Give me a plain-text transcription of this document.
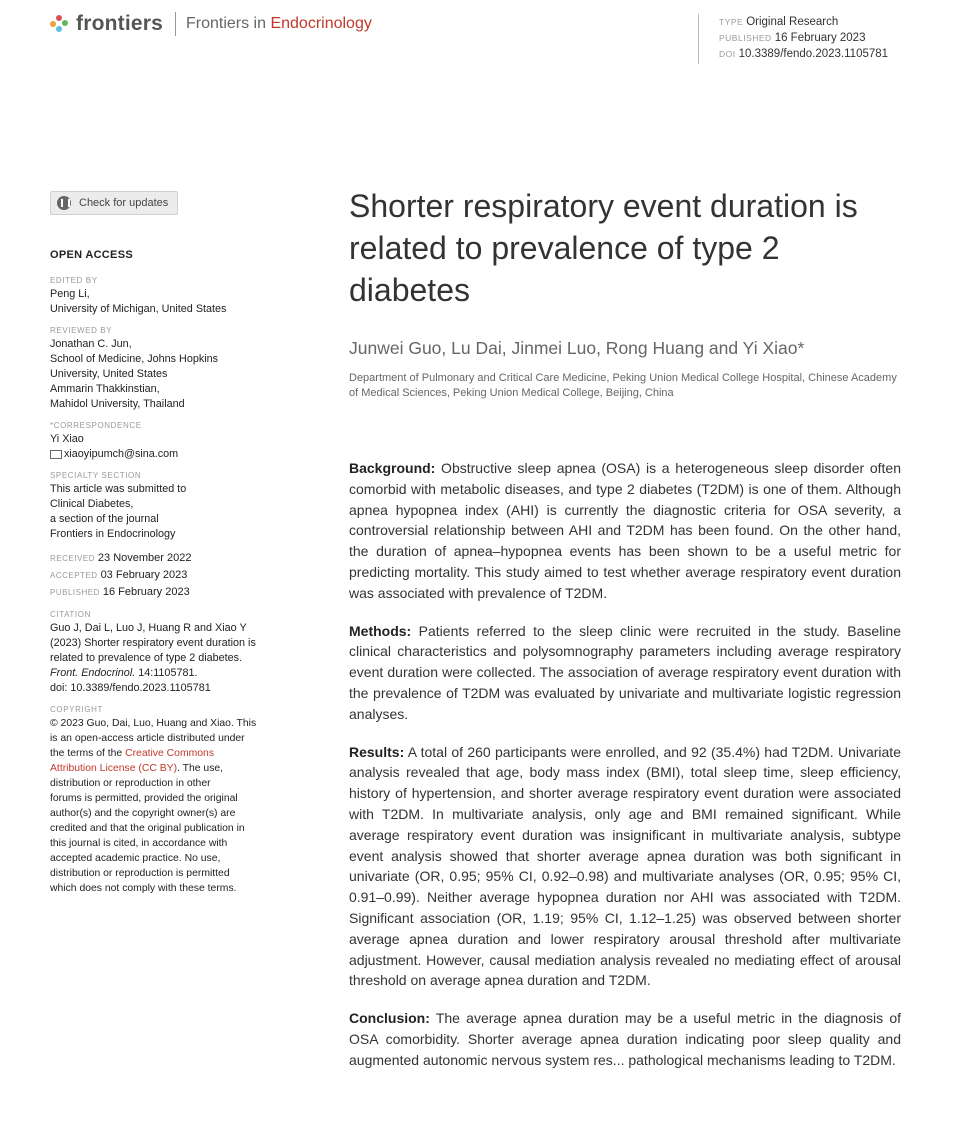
frontiers Frontiers in Endocrinology	TYPE Original Research
PUBLISHED 16 February 2023
DOI 10.3389/fendo.2023.1105781
Check for updates
OPEN ACCESS
EDITED BY

Peng Li,

University of Michigan, United States

REVIEWED BY

Jonathan C. Jun,

School of Medicine, Johns Hopkins

University, United States

Ammarin Thakkinstian,

Mahidol University, Thailand

*CORRESPONDENCE

Yi Xiao

xiaoyipumch@sina.com

SPECIALTY SECTION

This article was submitted to

Clinical Diabetes,

a section of the journal

Frontiers in Endocrinology

RECEIVED 23 November 2022
ACCEPTED 03 February 2023
PUBLISHED 16 February 2023
CITATION

Guo J, Dai L, Luo J, Huang R and Xiao Y

(2023) Shorter respiratory event duration is

related to prevalence of type 2 diabetes.

Front. Endocrinol. 14:1105781.

doi: 10.3389/fendo.2023.1105781

COPYRIGHT

© 2023 Guo, Dai, Luo, Huang and Xiao. This

is an open-access article distributed under

the terms of the Creative Commons

Attribution License (CC BY). The use,

distribution or reproduction in other

forums is permitted, provided the original

author(s) and the copyright owner(s) are

credited and that the original publication in

this journal is cited, in accordance with

accepted academic practice. No use,

distribution or reproduction is permitted

which does not comply with these terms.

Shorter respiratory event duration is related to prevalence of type 2 diabetes
Junwei Guo, Lu Dai, Jinmei Luo, Rong Huang and Yi Xiao*
Department of Pulmonary and Critical Care Medicine, Peking Union Medical College Hospital, Chinese Academy of Medical Sciences, Peking Union Medical College, Beijing, China

Background: Obstructive sleep apnea (OSA) is a heterogeneous sleep disorder often comorbid with metabolic diseases, and type 2 diabetes (T2DM) is one of them. Although apnea hypopnea index (AHI) is currently the diagnostic criteria for OSA severity, a controversial relationship between AHI and T2DM has been found. On the other hand, the duration of apnea–hypopnea events has been shown to be a useful metric for predicting mortality. This study aimed to test whether average respiratory event duration was associated with prevalence of T2DM.

Methods: Patients referred to the sleep clinic were recruited in the study. Baseline clinical characteristics and polysomnography parameters including average respiratory event duration were collected. The association of average respiratory event duration with the prevalence of T2DM was evaluated by univariate and multivariate logistic regression analyses.

Results: A total of 260 participants were enrolled, and 92 (35.4%) had T2DM. Univariate analysis revealed that age, body mass index (BMI), total sleep time, sleep efficiency, history of hypertension, and shorter average respiratory event duration were associated with T2DM. In multivariate analysis, only age and BMI remained significant. While average respiratory event duration was insignificant in multivariate analysis, subtype event analysis showed that shorter average apnea duration was both significant in univariate (OR, 0.95; 95% CI, 0.92–0.98) and multivariate analyses (OR, 0.95; 95% CI, 0.91–0.99). Neither average hypopnea duration nor AHI was associated with T2DM. Significant association (OR, 1.19; 95% CI, 1.12–1.25) was observed between shorter average apnea duration and lower respiratory arousal threshold after multivariate adjustment. However, causal mediation analysis revealed no mediating effect of arousal threshold on average apnea duration and T2DM.

Conclusion: The average apnea duration may be a useful metric in the diagnosis of OSA comorbidity. Shorter average apnea duration indicating poor sleep quality and augmented autonomic nervous system res... pathological mechanisms leading to T2DM.
